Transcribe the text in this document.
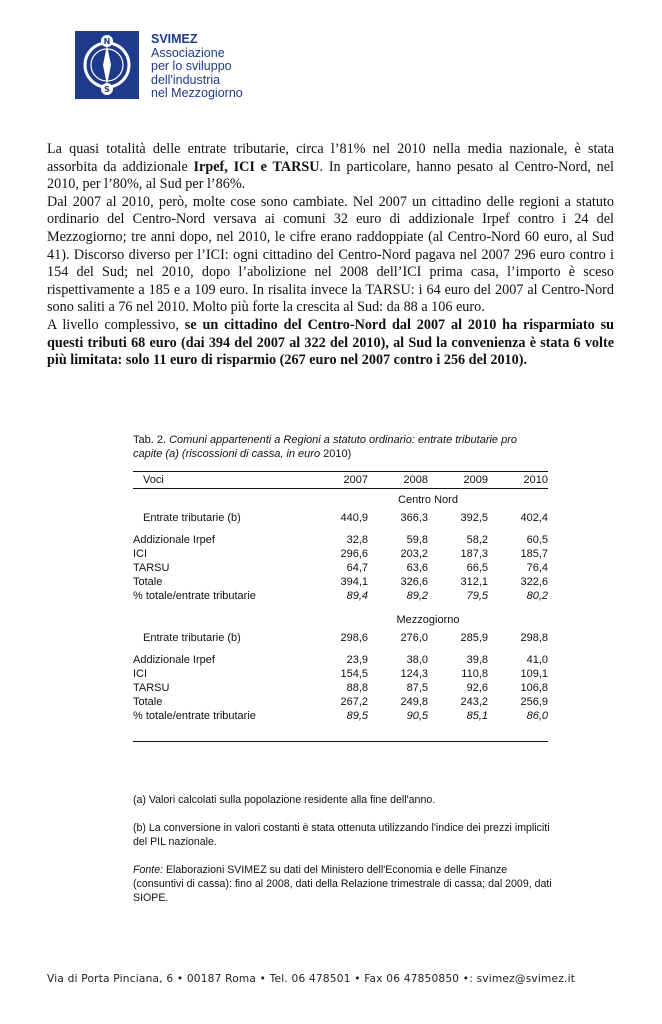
N
S
SVIMEZ
Associazione
per lo sviluppo
dell'industria
nel Mezzogiorno

La quasi totalità delle entrate tributarie, circa l’81% nel 2010 nella media nazionale, è stata assorbita da addizionale Irpef, ICI e TARSU. In particolare, hanno pesato al Centro-Nord, nel 2010, per l’80%, al Sud per l’86%.

Dal 2007 al 2010, però, molte cose sono cambiate. Nel 2007 un cittadino delle regioni a statuto ordinario del Centro-Nord versava ai comuni 32 euro di addizionale Irpef contro i 24 del Mezzogiorno; tre anni dopo, nel 2010, le cifre erano raddoppiate (al Centro-Nord 60 euro, al Sud 41). Discorso diverso per l’ICI: ogni cittadino del Centro-Nord pagava nel 2007 296 euro contro i 154 del Sud; nel 2010, dopo l’abolizione nel 2008 dell’ICI prima casa, l’importo è sceso rispettivamente a 185 e a 109 euro. In risalita invece la TARSU: i 64 euro del 2007 al Centro-Nord sono saliti a 76 nel 2010. Molto più forte la crescita al Sud: da 88 a 106 euro.

A livello complessivo, se un cittadino del Centro-Nord dal 2007 al 2010 ha risparmiato su questi tributi 68 euro (dai 394 del 2007 al 322 del 2010), al Sud la convenienza è stata 6 volte più limitata: solo 11 euro di risparmio (267 euro nel 2007 contro i 256 del 2010).

Tab. 2. Comuni appartenenti a Regioni a statuto ordinario: entrate tributarie pro capite (a) (riscossioni di cassa, in euro 2010)
Voci	2007	2008	2009	2010
Centro Nord
Entrate tributarie (b)	440,9	366,3	392,5	402,4
Addizionale Irpef	32,8	59,8	58,2	60,5
ICI	296,6	203,2	187,3	185,7
TARSU	64,7	63,6	66,5	76,4
Totale	394,1	326,6	312,1	322,6
% totale/entrate tributarie	89,4	89,2	79,5	80,2
Mezzogiorno
Entrate tributarie (b)	298,6	276,0	285,9	298,8
Addizionale Irpef	23,9	38,0	39,8	41,0
ICI	154,5	124,3	110,8	109,1
TARSU	88,8	87,5	92,6	106,8
Totale	267,2	249,8	243,2	256,9
% totale/entrate tributarie	89,5	90,5	85,1	86,0

(a) Valori calcolati sulla popolazione residente alla fine dell'anno.

(b) La conversione in valori costanti è stata ottenuta utilizzando l'indice dei prezzi impliciti del PIL nazionale.

Fonte: Elaborazioni SVIMEZ su dati del Ministero dell'Economia e delle Finanze (consuntivi di cassa): fino al 2008, dati della Relazione trimestrale di cassa; dal 2009, dati SIOPE.

Via di Porta Pinciana, 6 • 00187 Roma • Tel. 06 478501 • Fax 06 47850850 •: svimez@svimez.it
